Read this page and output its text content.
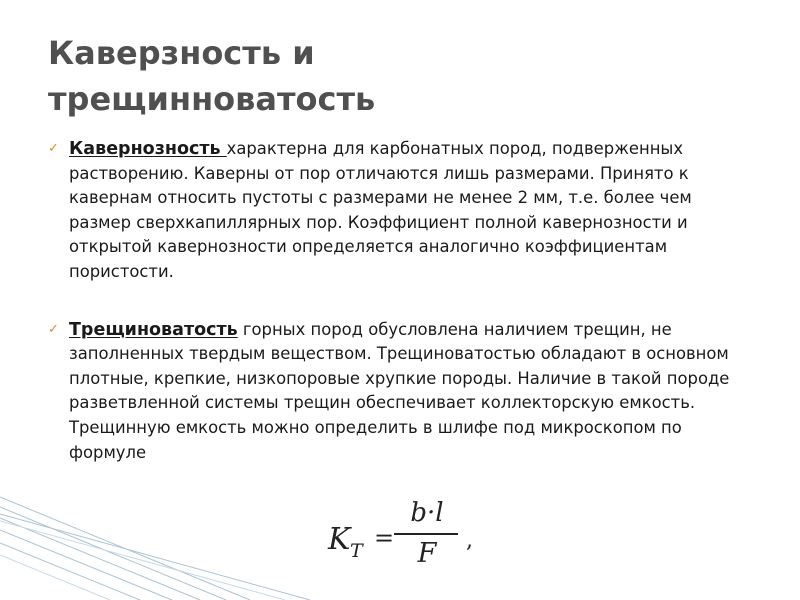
Каверзность и трещинноватость
✓ Кавернозность характерна для карбонатных пород, подверженных растворению. Каверны от пор отличаются лишь размерами. Принято к кавернам относить пустоты с размерами не менее 2 мм, т.е. более чем размер сверхкапиллярных пор. Коэффициент полной кавернозности и открытой кавернозности определяется аналогично коэффициентам пористости.
✓ Трещиноватость горных пород обусловлена наличием трещин, не заполненных твердым веществом. Трещиноватостью обладают в основном плотные, крепкие, низкопоровые хрупкие породы. Наличие в такой породе разветвленной системы трещин обеспечивает коллекторскую емкость. Трещинную емкость можно определить в шлифе под микроскопом по формуле
K T =
b·l
F	,
